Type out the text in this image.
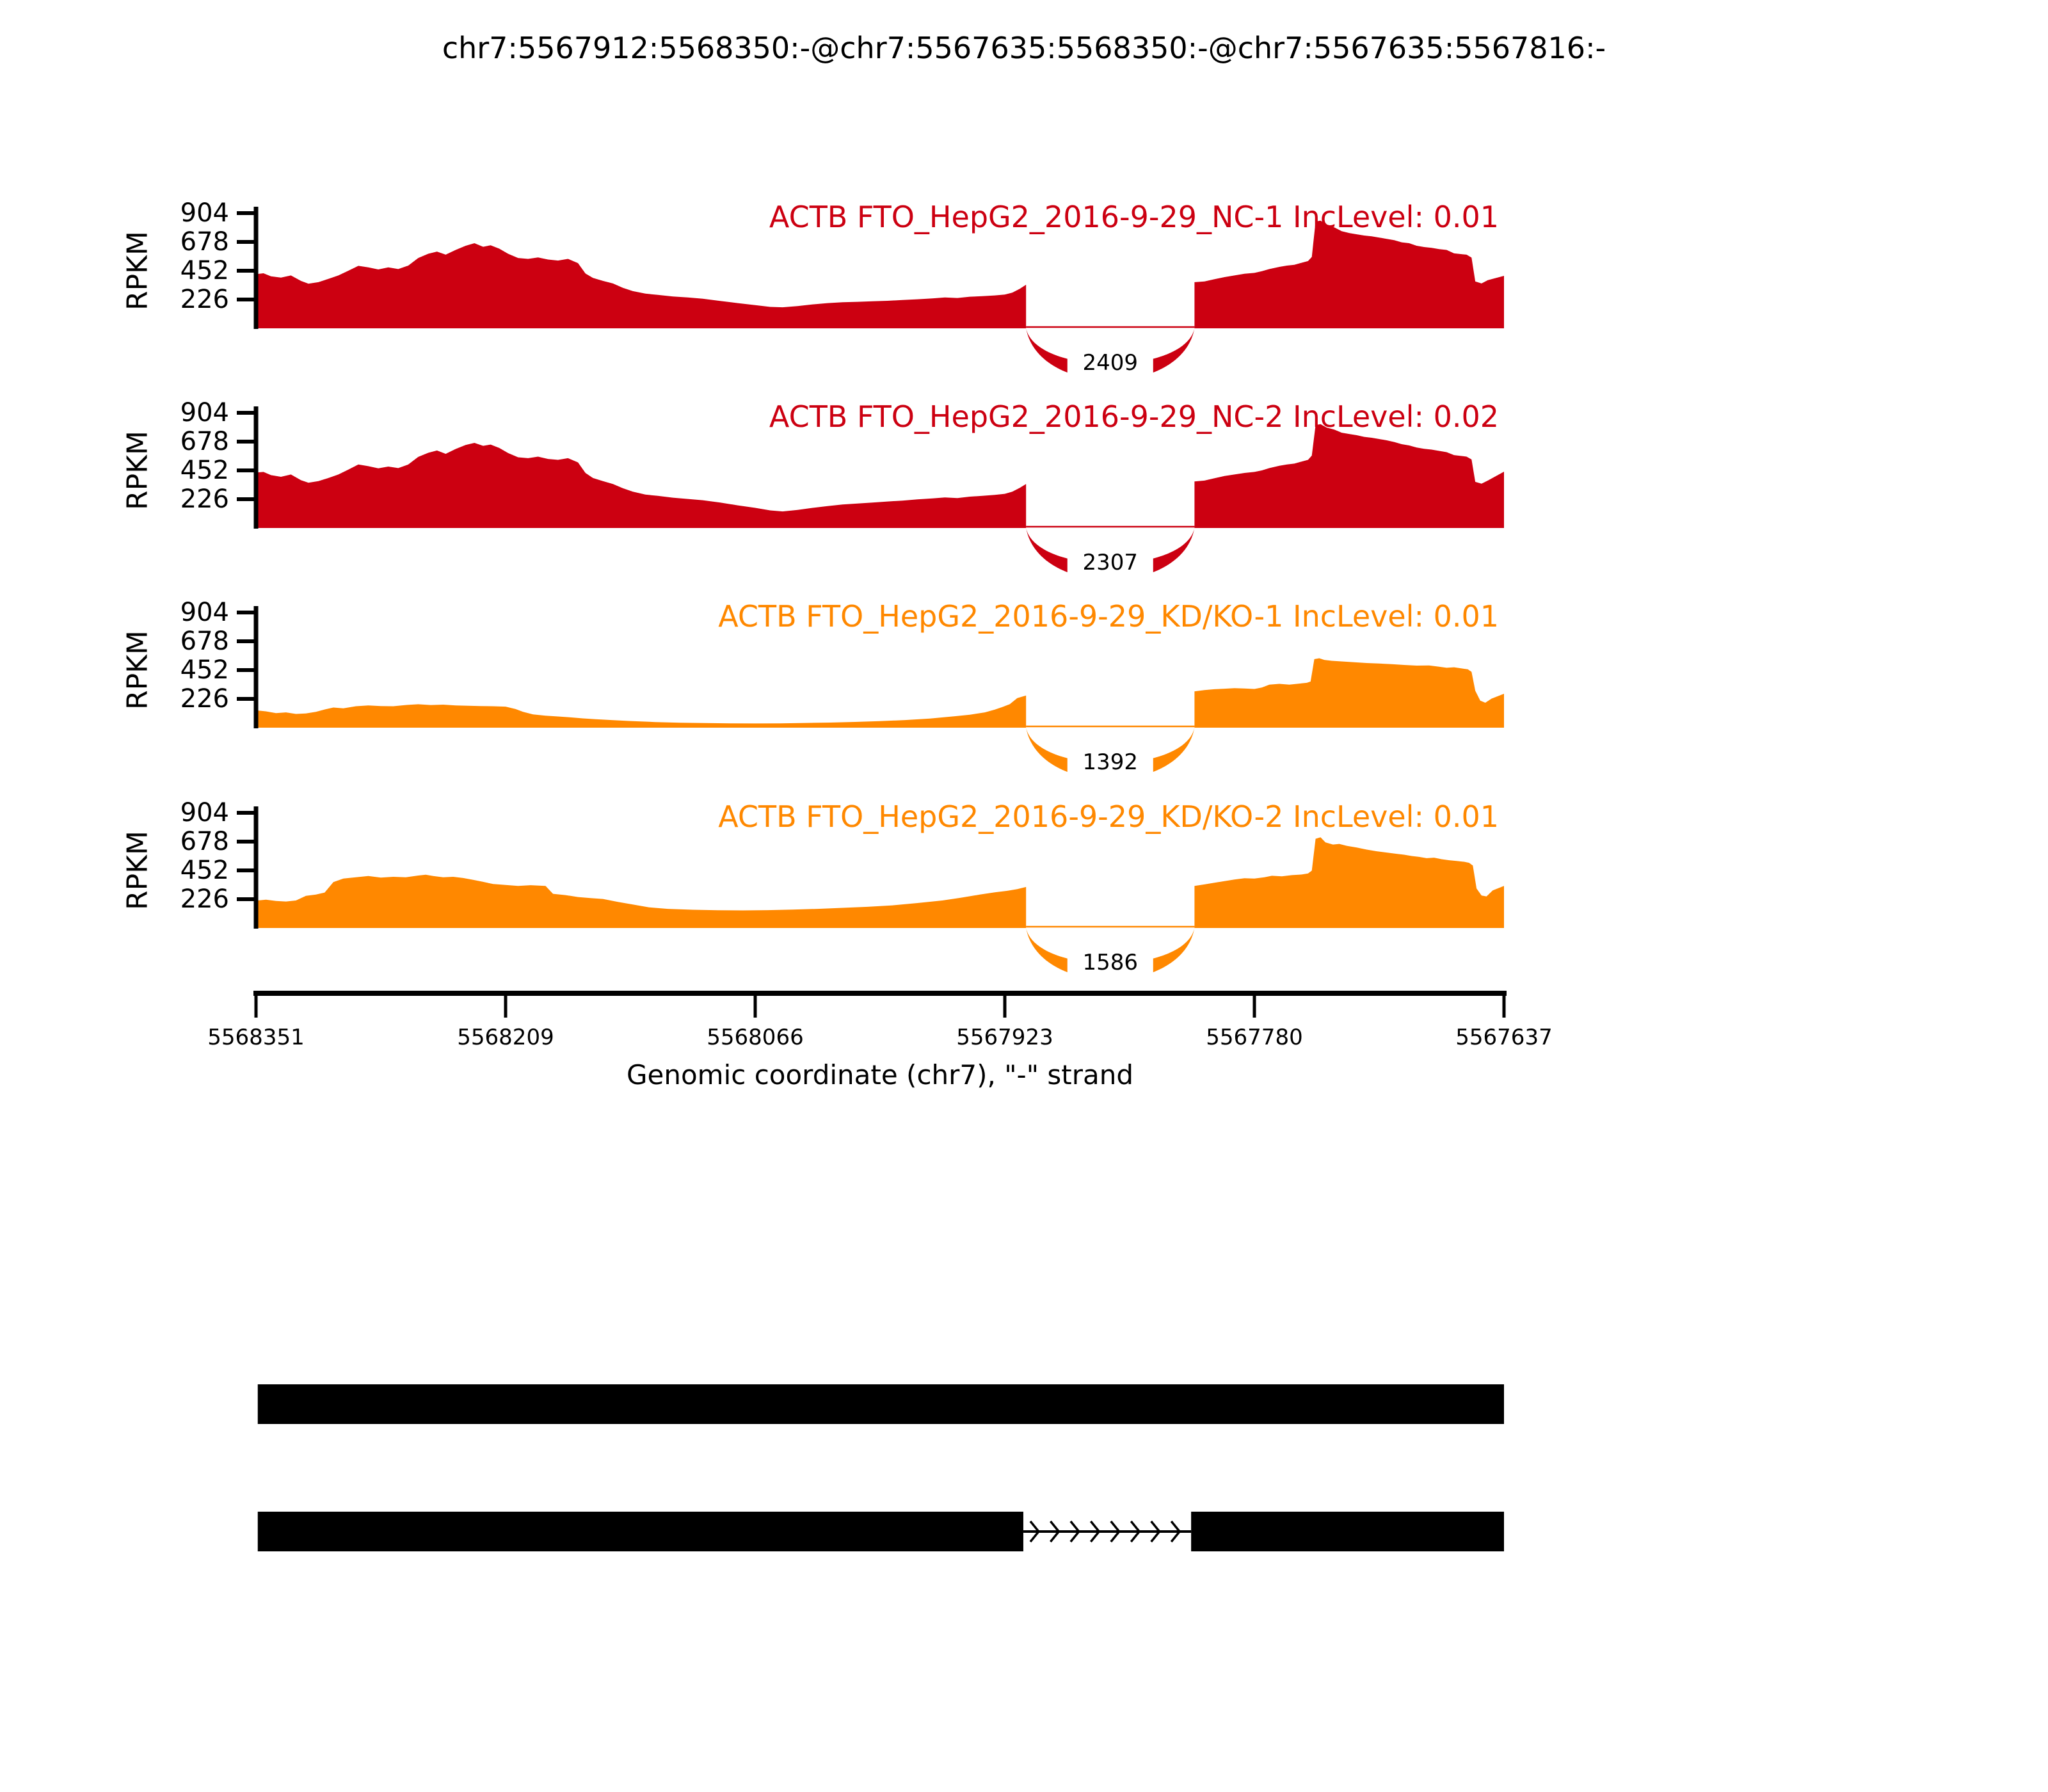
chr7:5567912:5568350:-@chr7:5567635:5568350:-@chr7:5567635:5567816:-
2409
226
452
678
904
RPKM
ACTB FTO_HepG2_2016-9-29_NC-1 IncLevel: 0.01
2307
226
452
678
904
RPKM
ACTB FTO_HepG2_2016-9-29_NC-2 IncLevel: 0.02
1392
226
452
678
904
RPKM
ACTB FTO_HepG2_2016-9-29_KD/KO-1 IncLevel: 0.01
1586
226
452
678
904
RPKM
ACTB FTO_HepG2_2016-9-29_KD/KO-2 IncLevel: 0.01
5568351	5568209	5568066	5567923	5567780	5567637
Genomic coordinate (chr7), "-" strand
